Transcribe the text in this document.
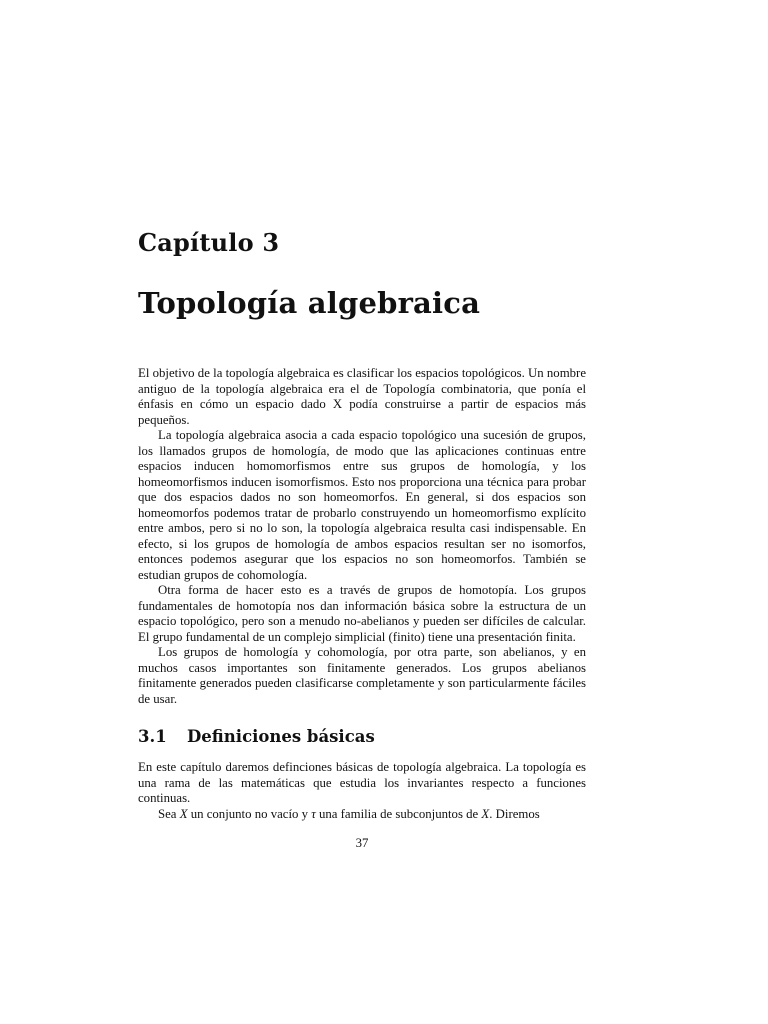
Capítulo 3
Topología algebraica

El objetivo de la topología algebraica es clasificar los espacios topológicos. Un nombre antiguo de la topología algebraica era el de Topología combinatoria, que ponía el énfasis en cómo un espacio dado X podía construirse a partir de espacios más pequeños.

La topología algebraica asocia a cada espacio topológico una sucesión de grupos, los llamados grupos de homología, de modo que las aplicaciones continuas entre espacios inducen homomorfismos entre sus grupos de homología, y los homeomorfismos inducen isomorfismos. Esto nos proporciona una técnica para probar que dos espacios dados no son homeomorfos. En general, si dos espacios son homeomorfos podemos tratar de probarlo construyendo un homeomorfismo explícito entre ambos, pero si no lo son, la topología algebraica resulta casi indispensable. En efecto, si los grupos de homología de ambos espacios resultan ser no isomorfos, entonces podemos asegurar que los espacios no son homeomorfos. También se estudian grupos de cohomología.

Otra forma de hacer esto es a través de grupos de homotopía. Los grupos fundamentales de homotopía nos dan información básica sobre la estructura de un espacio topológico, pero son a menudo no-abelianos y pueden ser difíciles de calcular. El grupo fundamental de un complejo simplicial (finito) tiene una presentación finita.

Los grupos de homología y cohomología, por otra parte, son abelianos, y en muchos casos importantes son finitamente generados. Los grupos abelianos finitamente generados pueden clasificarse completamente y son particularmente fáciles de usar.

3.1 Definiciones básicas

En este capítulo daremos definciones básicas de topología algebraica. La topología es una rama de las matemáticas que estudia los invariantes respecto a funciones continuas.

Sea X un conjunto no vacío y τ una familia de subconjuntos de X. Diremos

37
